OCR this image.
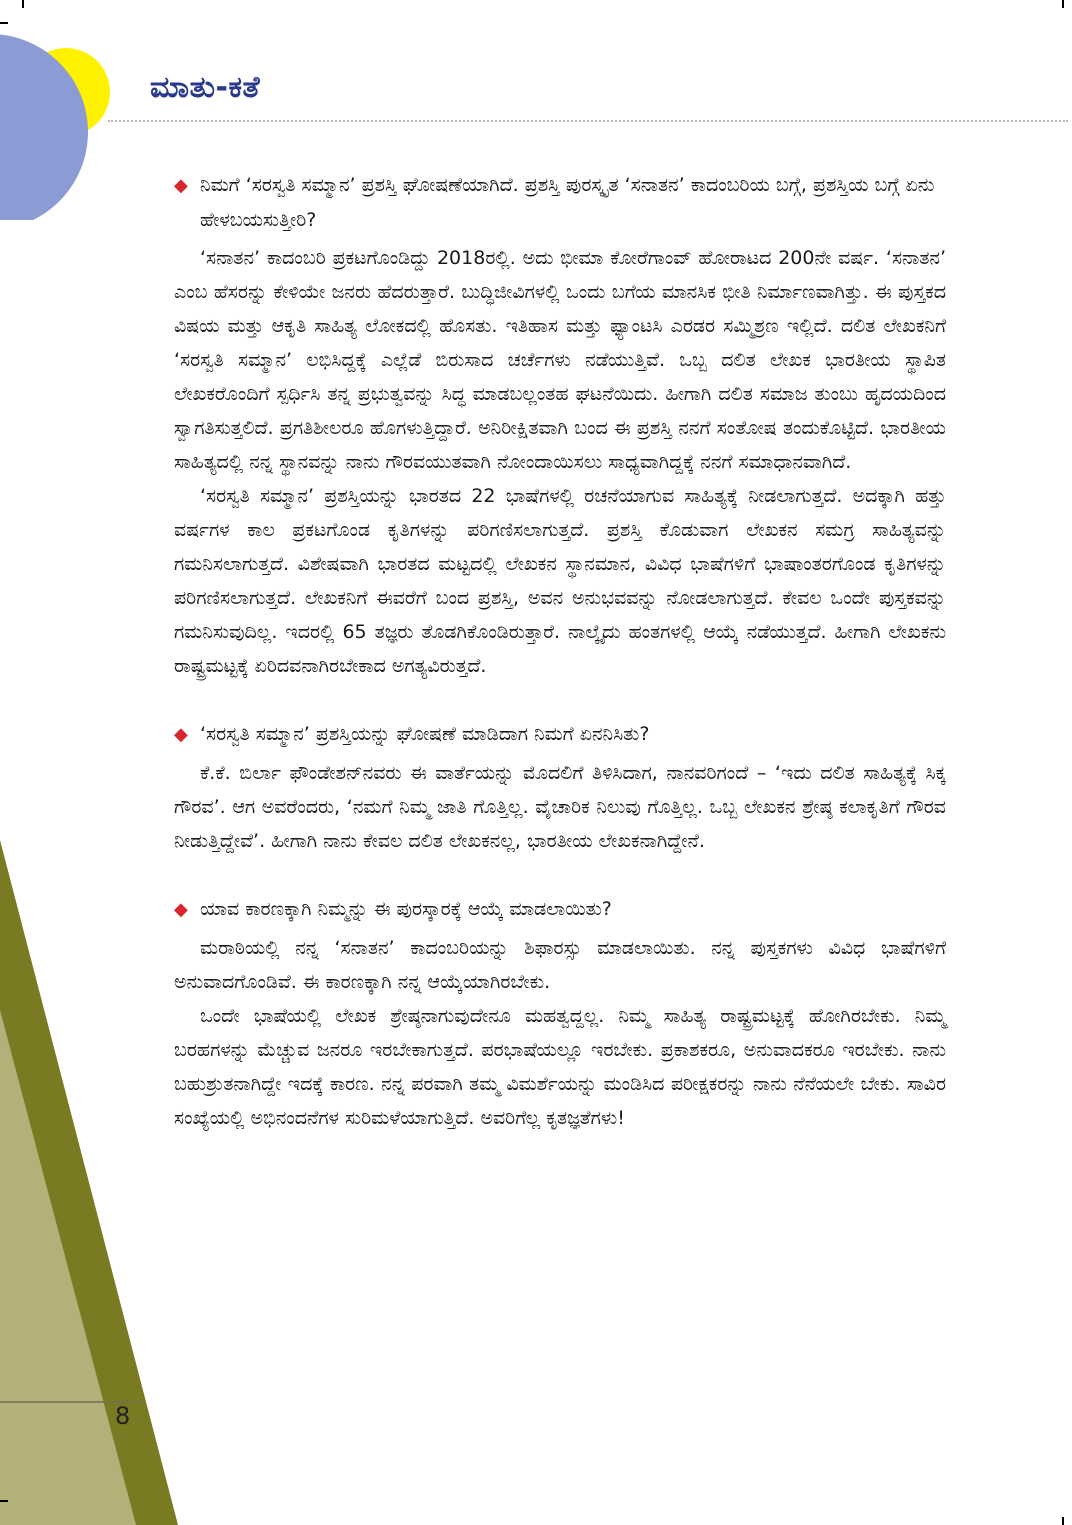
ಮಾತು-ಕತೆ

◆ ನಿಮಗೆ ‘ಸರಸ್ವತಿ ಸಮ್ಮಾನ’ ಪ್ರಶಸ್ತಿ ಘೋಷಣೆಯಾಗಿದೆ. ಪ್ರಶಸ್ತಿ ಪುರಸ್ಕೃತ ‘ಸನಾತನ’ ಕಾದಂಬರಿಯ ಬಗ್ಗೆ, ಪ್ರಶಸ್ತಿಯ ಬಗ್ಗೆ ಏನು ಹೇಳಬಯಸುತ್ತೀರಿ?

‘ಸನಾತನ’ ಕಾದಂಬರಿ ಪ್ರಕಟಗೊಂಡಿದ್ದು 2018ರಲ್ಲಿ. ಅದು ಭೀಮಾ ಕೋರೆಗಾಂವ್ ಹೋರಾಟದ 200ನೇ ವರ್ಷ. ‘ಸನಾತನ’ ಎಂಬ ಹೆಸರನ್ನು ಕೇಳಿಯೇ ಜನರು ಹೆದರುತ್ತಾರೆ. ಬುದ್ಧಿಜೀವಿಗಳಲ್ಲಿ ಒಂದು ಬಗೆಯ ಮಾನಸಿಕ ಭೀತಿ ನಿರ್ಮಾಣವಾಗಿತ್ತು. ಈ ಪುಸ್ತಕದ ವಿಷಯ ಮತ್ತು ಆಕೃತಿ ಸಾಹಿತ್ಯ ಲೋಕದಲ್ಲಿ ಹೊಸತು. ಇತಿಹಾಸ ಮತ್ತು ಫ್ಯಾಂಟಸಿ ಎರಡರ ಸಮ್ಮಿಶ್ರಣ ಇಲ್ಲಿದೆ. ದಲಿತ ಲೇಖಕನಿಗೆ ‘ಸರಸ್ವತಿ ಸಮ್ಮಾನ’ ಲಭಿಸಿದ್ದಕ್ಕೆ ಎಲ್ಲೆಡೆ ಬಿರುಸಾದ ಚರ್ಚೆಗಳು ನಡೆಯುತ್ತಿವೆ. ಒಬ್ಬ ದಲಿತ ಲೇಖಕ ಭಾರತೀಯ ಸ್ಥಾಪಿತ ಲೇಖಕರೊಂದಿಗೆ ಸ್ಪರ್ಧಿಸಿ ತನ್ನ ಪ್ರಭುತ್ವವನ್ನು ಸಿದ್ಧ ಮಾಡಬಲ್ಲಂತಹ ಘಟನೆಯಿದು. ಹೀಗಾಗಿ ದಲಿತ ಸಮಾಜ ತುಂಬು ಹೃದಯದಿಂದ ಸ್ವಾಗತಿಸುತ್ತಲಿದೆ. ಪ್ರಗತಿಶೀಲರೂ ಹೊಗಳುತ್ತಿದ್ದಾರೆ. ಅನಿರೀಕ್ಷಿತವಾಗಿ ಬಂದ ಈ ಪ್ರಶಸ್ತಿ ನನಗೆ ಸಂತೋಷ ತಂದುಕೊಟ್ಟಿದೆ. ಭಾರತೀಯ ಸಾಹಿತ್ಯದಲ್ಲಿ ನನ್ನ ಸ್ಥಾನವನ್ನು ನಾನು ಗೌರವಯುತವಾಗಿ ನೋಂದಾಯಿಸಲು ಸಾಧ್ಯವಾಗಿದ್ದಕ್ಕೆ ನನಗೆ ಸಮಾಧಾನವಾಗಿದೆ.

‘ಸರಸ್ವತಿ ಸಮ್ಮಾನ’ ಪ್ರಶಸ್ತಿಯನ್ನು ಭಾರತದ 22 ಭಾಷೆಗಳಲ್ಲಿ ರಚನೆಯಾಗುವ ಸಾಹಿತ್ಯಕ್ಕೆ ನೀಡಲಾಗುತ್ತದೆ. ಅದಕ್ಕಾಗಿ ಹತ್ತು ವರ್ಷಗಳ ಕಾಲ ಪ್ರಕಟಗೊಂಡ ಕೃತಿಗಳನ್ನು ಪರಿಗಣಿಸಲಾಗುತ್ತದೆ. ಪ್ರಶಸ್ತಿ ಕೊಡುವಾಗ ಲೇಖಕನ ಸಮಗ್ರ ಸಾಹಿತ್ಯವನ್ನು ಗಮನಿಸಲಾಗುತ್ತದೆ. ವಿಶೇಷವಾಗಿ ಭಾರತದ ಮಟ್ಟದಲ್ಲಿ ಲೇಖಕನ ಸ್ಥಾನಮಾನ, ವಿವಿಧ ಭಾಷೆಗಳಿಗೆ ಭಾಷಾಂತರಗೊಂಡ ಕೃತಿಗಳನ್ನು ಪರಿಗಣಿಸಲಾಗುತ್ತದೆ. ಲೇಖಕನಿಗೆ ಈವರೆಗೆ ಬಂದ ಪ್ರಶಸ್ತಿ, ಅವನ ಅನುಭವವನ್ನು ನೋಡಲಾಗುತ್ತದೆ. ಕೇವಲ ಒಂದೇ ಪುಸ್ತಕವನ್ನು ಗಮನಿಸುವುದಿಲ್ಲ. ಇದರಲ್ಲಿ 65 ತಜ್ಞರು ತೊಡಗಿಕೊಂಡಿರುತ್ತಾರೆ. ನಾಲ್ಕೈದು ಹಂತಗಳಲ್ಲಿ ಆಯ್ಕೆ ನಡೆಯುತ್ತದೆ. ಹೀಗಾಗಿ ಲೇಖಕನು ರಾಷ್ಟ್ರಮಟ್ಟಕ್ಕೆ ಏರಿದವನಾಗಿರಬೇಕಾದ ಅಗತ್ಯವಿರುತ್ತದೆ.

◆ ‘ಸರಸ್ವತಿ ಸಮ್ಮಾನ’ ಪ್ರಶಸ್ತಿಯನ್ನು ಘೋಷಣೆ ಮಾಡಿದಾಗ ನಿಮಗೆ ಏನನಿಸಿತು?

ಕೆ.ಕೆ. ಬಿರ್ಲಾ ಫೌಂಡೇಶನ್‌ನವರು ಈ ವಾರ್ತೆಯನ್ನು ಮೊದಲಿಗೆ ತಿಳಿಸಿದಾಗ, ನಾನವರಿಗಂದೆ – ‘ಇದು ದಲಿತ ಸಾಹಿತ್ಯಕ್ಕೆ ಸಿಕ್ಕ ಗೌರವ’. ಆಗ ಅವರೆಂದರು, ‘ನಮಗೆ ನಿಮ್ಮ ಜಾತಿ ಗೊತ್ತಿಲ್ಲ. ವೈಚಾರಿಕ ನಿಲುವು ಗೊತ್ತಿಲ್ಲ. ಒಬ್ಬ ಲೇಖಕನ ಶ್ರೇಷ್ಠ ಕಲಾಕೃತಿಗೆ ಗೌರವ ನೀಡುತ್ತಿದ್ದೇವೆ’. ಹೀಗಾಗಿ ನಾನು ಕೇವಲ ದಲಿತ ಲೇಖಕನಲ್ಲ, ಭಾರತೀಯ ಲೇಖಕನಾಗಿದ್ದೇನೆ.

◆ ಯಾವ ಕಾರಣಕ್ಕಾಗಿ ನಿಮ್ಮನ್ನು ಈ ಪುರಸ್ಕಾರಕ್ಕೆ ಆಯ್ಕೆ ಮಾಡಲಾಯಿತು?

ಮರಾಠಿಯಲ್ಲಿ ನನ್ನ ‘ಸನಾತನ’ ಕಾದಂಬರಿಯನ್ನು ಶಿಫಾರಸ್ಸು ಮಾಡಲಾಯಿತು. ನನ್ನ ಪುಸ್ತಕಗಳು ವಿವಿಧ ಭಾಷೆಗಳಿಗೆ ಅನುವಾದಗೊಂಡಿವೆ. ಈ ಕಾರಣಕ್ಕಾಗಿ ನನ್ನ ಆಯ್ಕೆಯಾಗಿರಬೇಕು.

ಒಂದೇ ಭಾಷೆಯಲ್ಲಿ ಲೇಖಕ ಶ್ರೇಷ್ಠನಾಗುವುದೇನೂ ಮಹತ್ವದ್ದಲ್ಲ. ನಿಮ್ಮ ಸಾಹಿತ್ಯ ರಾಷ್ಟ್ರಮಟ್ಟಕ್ಕೆ ಹೋಗಿರಬೇಕು. ನಿಮ್ಮ ಬರಹಗಳನ್ನು ಮೆಚ್ಚುವ ಜನರೂ ಇರಬೇಕಾಗುತ್ತದೆ. ಪರಭಾಷೆಯಲ್ಲೂ ಇರಬೇಕು. ಪ್ರಕಾಶಕರೂ, ಅನುವಾದಕರೂ ಇರಬೇಕು. ನಾನು ಬಹುಶ್ರುತನಾಗಿದ್ದೇ ಇದಕ್ಕೆ ಕಾರಣ. ನನ್ನ ಪರವಾಗಿ ತಮ್ಮ ವಿಮರ್ಶೆಯನ್ನು ಮಂಡಿಸಿದ ಪರೀಕ್ಷಕರನ್ನು ನಾನು ನೆನೆಯಲೇ ಬೇಕು. ಸಾವಿರ ಸಂಖ್ಯೆಯಲ್ಲಿ ಅಭಿನಂದನೆಗಳ ಸುರಿಮಳೆಯಾಗುತ್ತಿದೆ. ಅವರಿಗೆಲ್ಲ ಕೃತಜ್ಞತೆಗಳು!

8
